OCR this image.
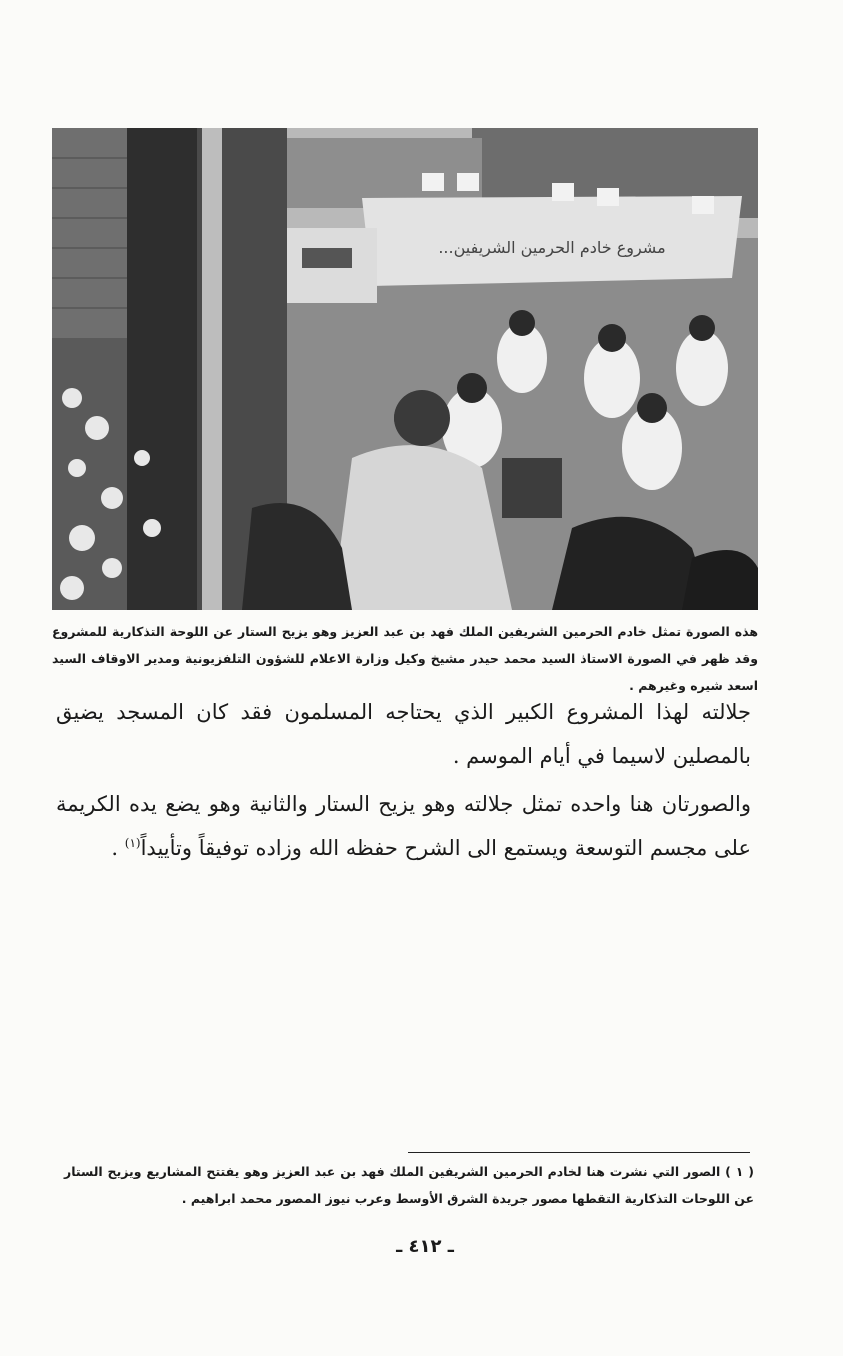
...مشروع خادم الحرمين الشريفين
هذه الصورة تمثل خادم الحرمين الشريفين الملك فهد بن عبد العزيز وهو يزيح الستار عن اللوحة التذكارية للمشروع وقد ظهر في الصورة الاستاذ السيد محمد حيدر مشيخ وكيل وزارة الاعلام للشؤون التلفزيونية ومدير الاوقاف السيد اسعد شيره وغيرهم .

جلالته لهذا المشروع الكبير الذي يحتاجه المسلمون فقد كان المسجد يضيق بالمصلين لاسيما في أيام الموسم .

والصورتان هنا واحده تمثل جلالته وهو يزيح الستار والثانية وهو يضع يده الكريمة على مجسم التوسعة ويستمع الى الشرح حفظه الله وزاده توفيقاً وتأييداً$^{(١)}$ .

( ١ ) الصور التي نشرت هنا لخادم الحرمين الشريفين الملك فهد بن عبد العزيز وهو يفتتح المشاريع ويزيح الستار عن اللوحات التذكارية التقطها مصور جريدة الشرق الأوسط وعرب نيوز المصور محمد ابراهيم .
ـ ٤١٢ ـ
